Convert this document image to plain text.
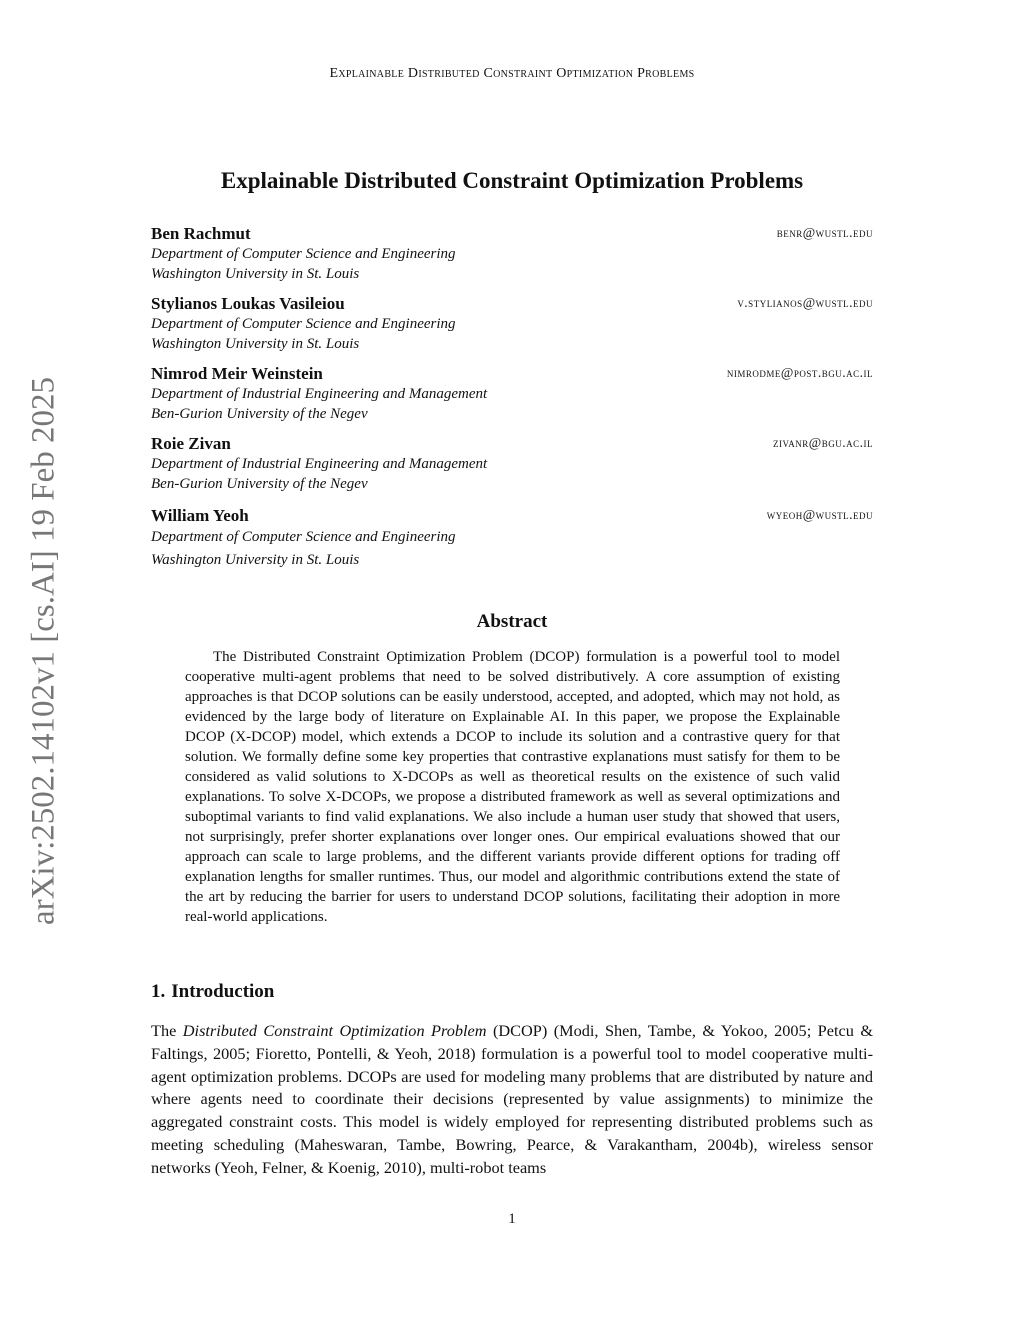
Explainable Distributed Constraint Optimization Problems
arXiv:2502.14102v1 [cs.AI] 19 Feb 2025
Explainable Distributed Constraint Optimization Problems
Ben Rachmut	benr@wustl.edu
Department of Computer Science and Engineering
Washington University in St. Louis
Stylianos Loukas Vasileiou	v.stylianos@wustl.edu
Department of Computer Science and Engineering
Washington University in St. Louis
Nimrod Meir Weinstein	nimrodme@post.bgu.ac.il
Department of Industrial Engineering and Management
Ben-Gurion University of the Negev
Roie Zivan	zivanr@bgu.ac.il
Department of Industrial Engineering and Management
Ben-Gurion University of the Negev
William Yeoh	wyeoh@wustl.edu
Department of Computer Science and Engineering
Washington University in St. Louis
Abstract

The Distributed Constraint Optimization Problem (DCOP) formulation is a powerful tool to model cooperative multi-agent problems that need to be solved distributively. A core assumption of existing approaches is that DCOP solutions can be easily understood, accepted, and adopted, which may not hold, as evidenced by the large body of literature on Explainable AI. In this paper, we propose the Explainable DCOP (X-DCOP) model, which extends a DCOP to include its solution and a contrastive query for that solution. We formally define some key properties that contrastive explanations must satisfy for them to be considered as valid solutions to X-DCOPs as well as theoretical results on the existence of such valid explanations. To solve X-DCOPs, we propose a distributed framework as well as several optimizations and suboptimal variants to find valid explanations. We also include a human user study that showed that users, not surprisingly, prefer shorter explanations over longer ones. Our empirical evaluations showed that our approach can scale to large problems, and the different variants provide different options for trading off explanation lengths for smaller runtimes. Thus, our model and algorithmic contributions extend the state of the art by reducing the barrier for users to understand DCOP solutions, facilitating their adoption in more real-world applications.

1. Introduction

The Distributed Constraint Optimization Problem (DCOP) (Modi, Shen, Tambe, & Yokoo, 2005; Petcu & Faltings, 2005; Fioretto, Pontelli, & Yeoh, 2018) formulation is a powerful tool to model cooperative multi-agent optimization problems. DCOPs are used for modeling many problems that are distributed by nature and where agents need to coordinate their decisions (represented by value assignments) to minimize the aggregated constraint costs. This model is widely employed for representing distributed problems such as meeting scheduling (Maheswaran, Tambe, Bowring, Pearce, & Varakantham, 2004b), wireless sensor networks (Yeoh, Felner, & Koenig, 2010), multi-robot teams

1
